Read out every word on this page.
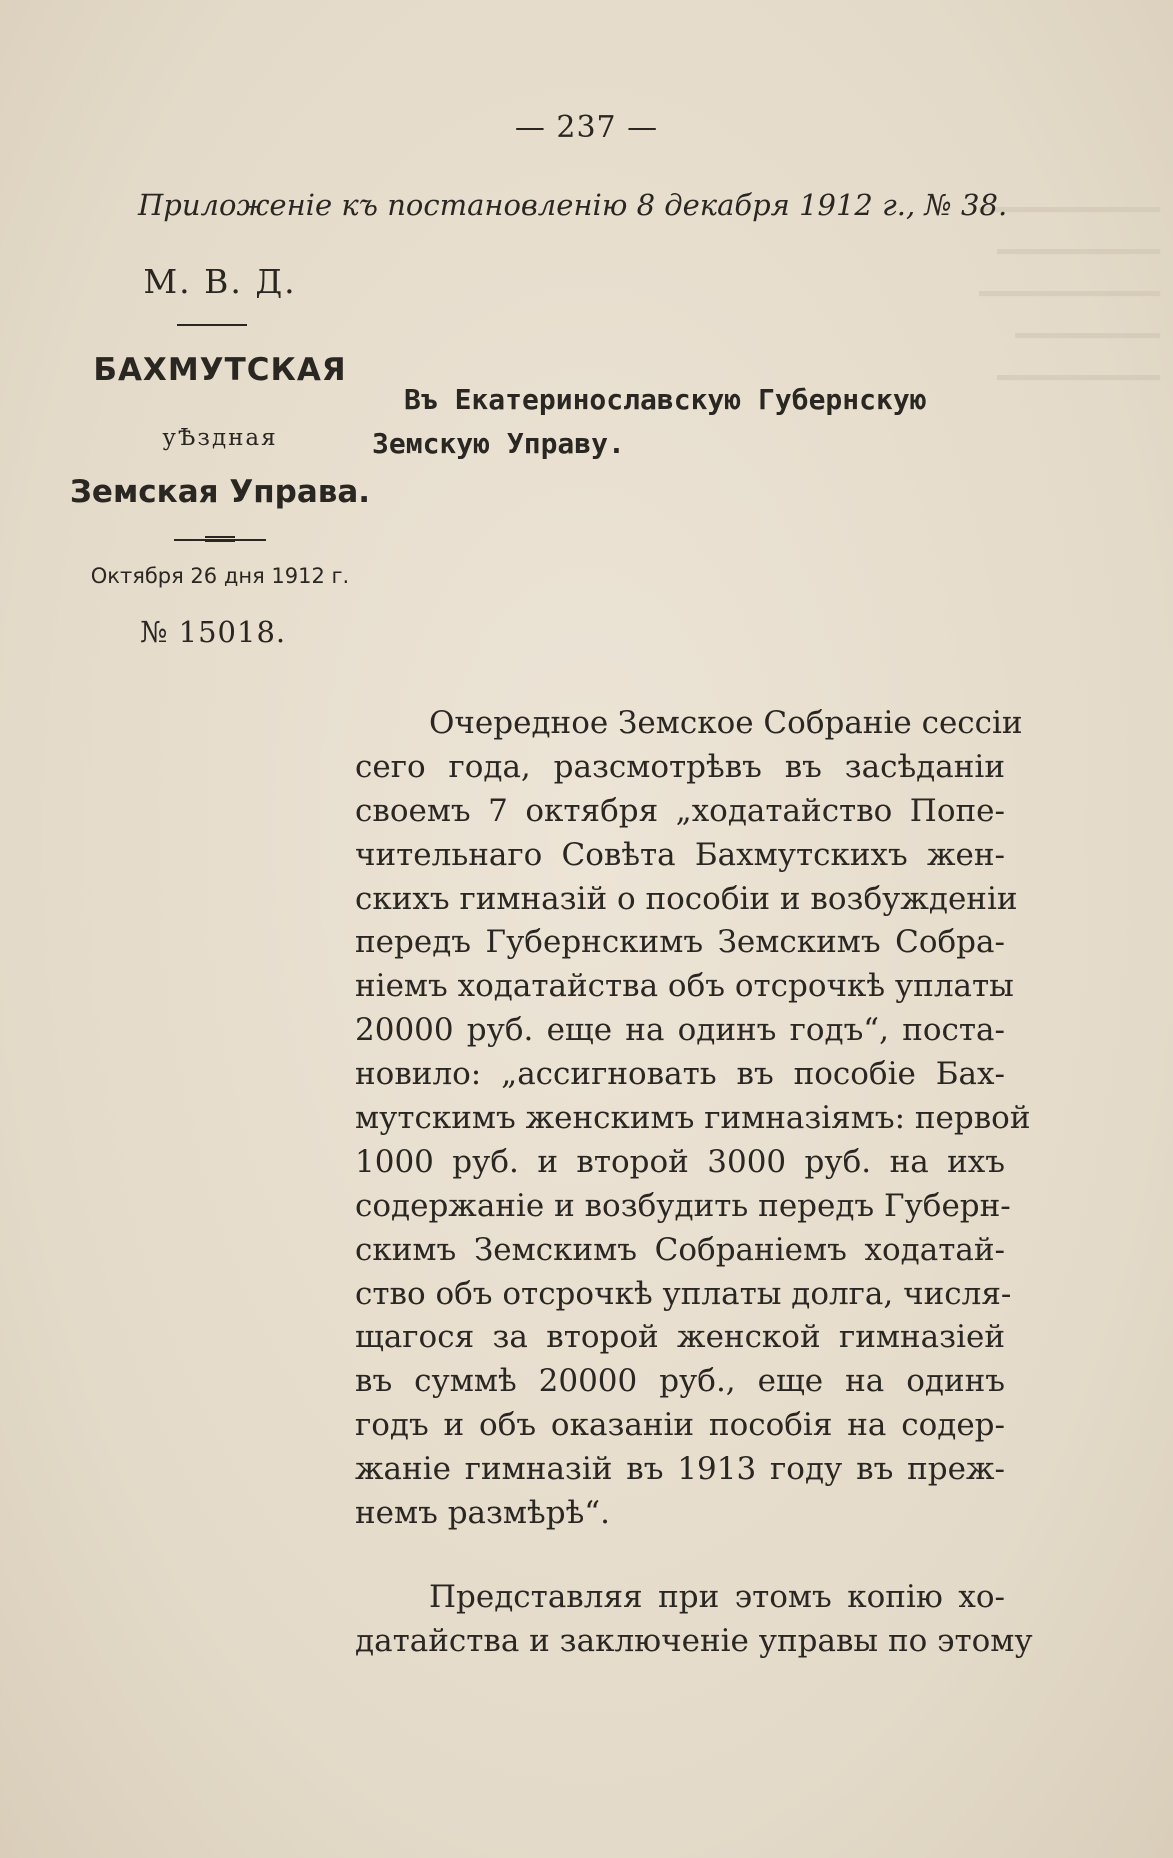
━━━━━━━━━━
━━━━━━━━━
━━━━━━━━━━
━━━━━━━━
━━━━━━━━━
— 237 —
Приложеніе къ постановленію 8 декабря 1912 г., № 38.
М. В. Д.
БАХМУТСКАЯ
уѢздная
Земская Управа.
Октября 26 дня 1912 г.
№ 15018.
Въ Екатеринославскую Губернскую
Земскую Управу.
Очередное Земское Собраніе сессіи
сего года, разсмотрѣвъ въ засѣданіи
своемъ 7 октября „ходатайство Попе-
чительнаго Совѣта Бахмутскихъ жен-
скихъ гимназій о пособіи и возбужденіи
передъ Губернскимъ Земскимъ Собра-
ніемъ ходатайства объ отсрочкѣ уплаты
20000 руб. еще на одинъ годъ“, поста-
новило: „ассигновать въ пособіе Бах-
мутскимъ женскимъ гимназіямъ: первой
1000 руб. и второй 3000 руб. на ихъ
содержаніе и возбудить передъ Губерн-
скимъ Земскимъ Собраніемъ ходатай-
ство объ отсрочкѣ уплаты долга, числя-
щагося за второй женской гимназіей
въ суммѣ 20000 руб., еще на одинъ
годъ и объ оказаніи пособія на содер-
жаніе гимназій въ 1913 году въ преж-
немъ размѣрѣ“.
Представляя при этомъ копію хо-
датайства и заключеніе управы по этому
